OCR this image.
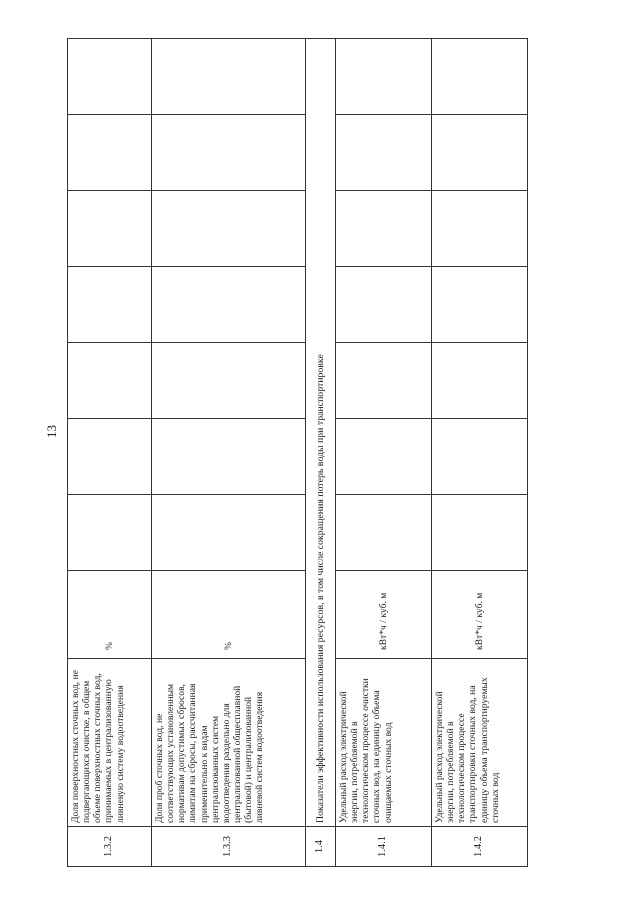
13
1.3.2	Доля поверхностных сточных вод, не подвергающихся очистке, в общем объеме поверхностных сточных вод, принимаемых в централизованную ливневую систему водоотведения	%							
1.3.3	Доля проб сточных вод, не соответствующих установленным нормативам допустимых сбросов, лимитам на сбросы, рассчитанная применительно к видам централизованных систем водоотведения раздельно для централизованной общесплавной (бытовой) и централизованной ливневой систем водоотведения	%							
1.4	Показатели эффективности использования ресурсов, в том числе сокращения потерь воды при транспортировке								
1.4.1	Удельный расход электрической энергии, потребляемой в технологическом процессе очистки сточных вод, на единицу объема очищаемых сточных вод	кВт*ч / куб. м							
1.4.2	Удельный расход электрической энергии, потребляемой в технологическом процессе транспортировки сточных вод, на единицу объема транспортируемых сточных вод	кВт*ч / куб. м							
